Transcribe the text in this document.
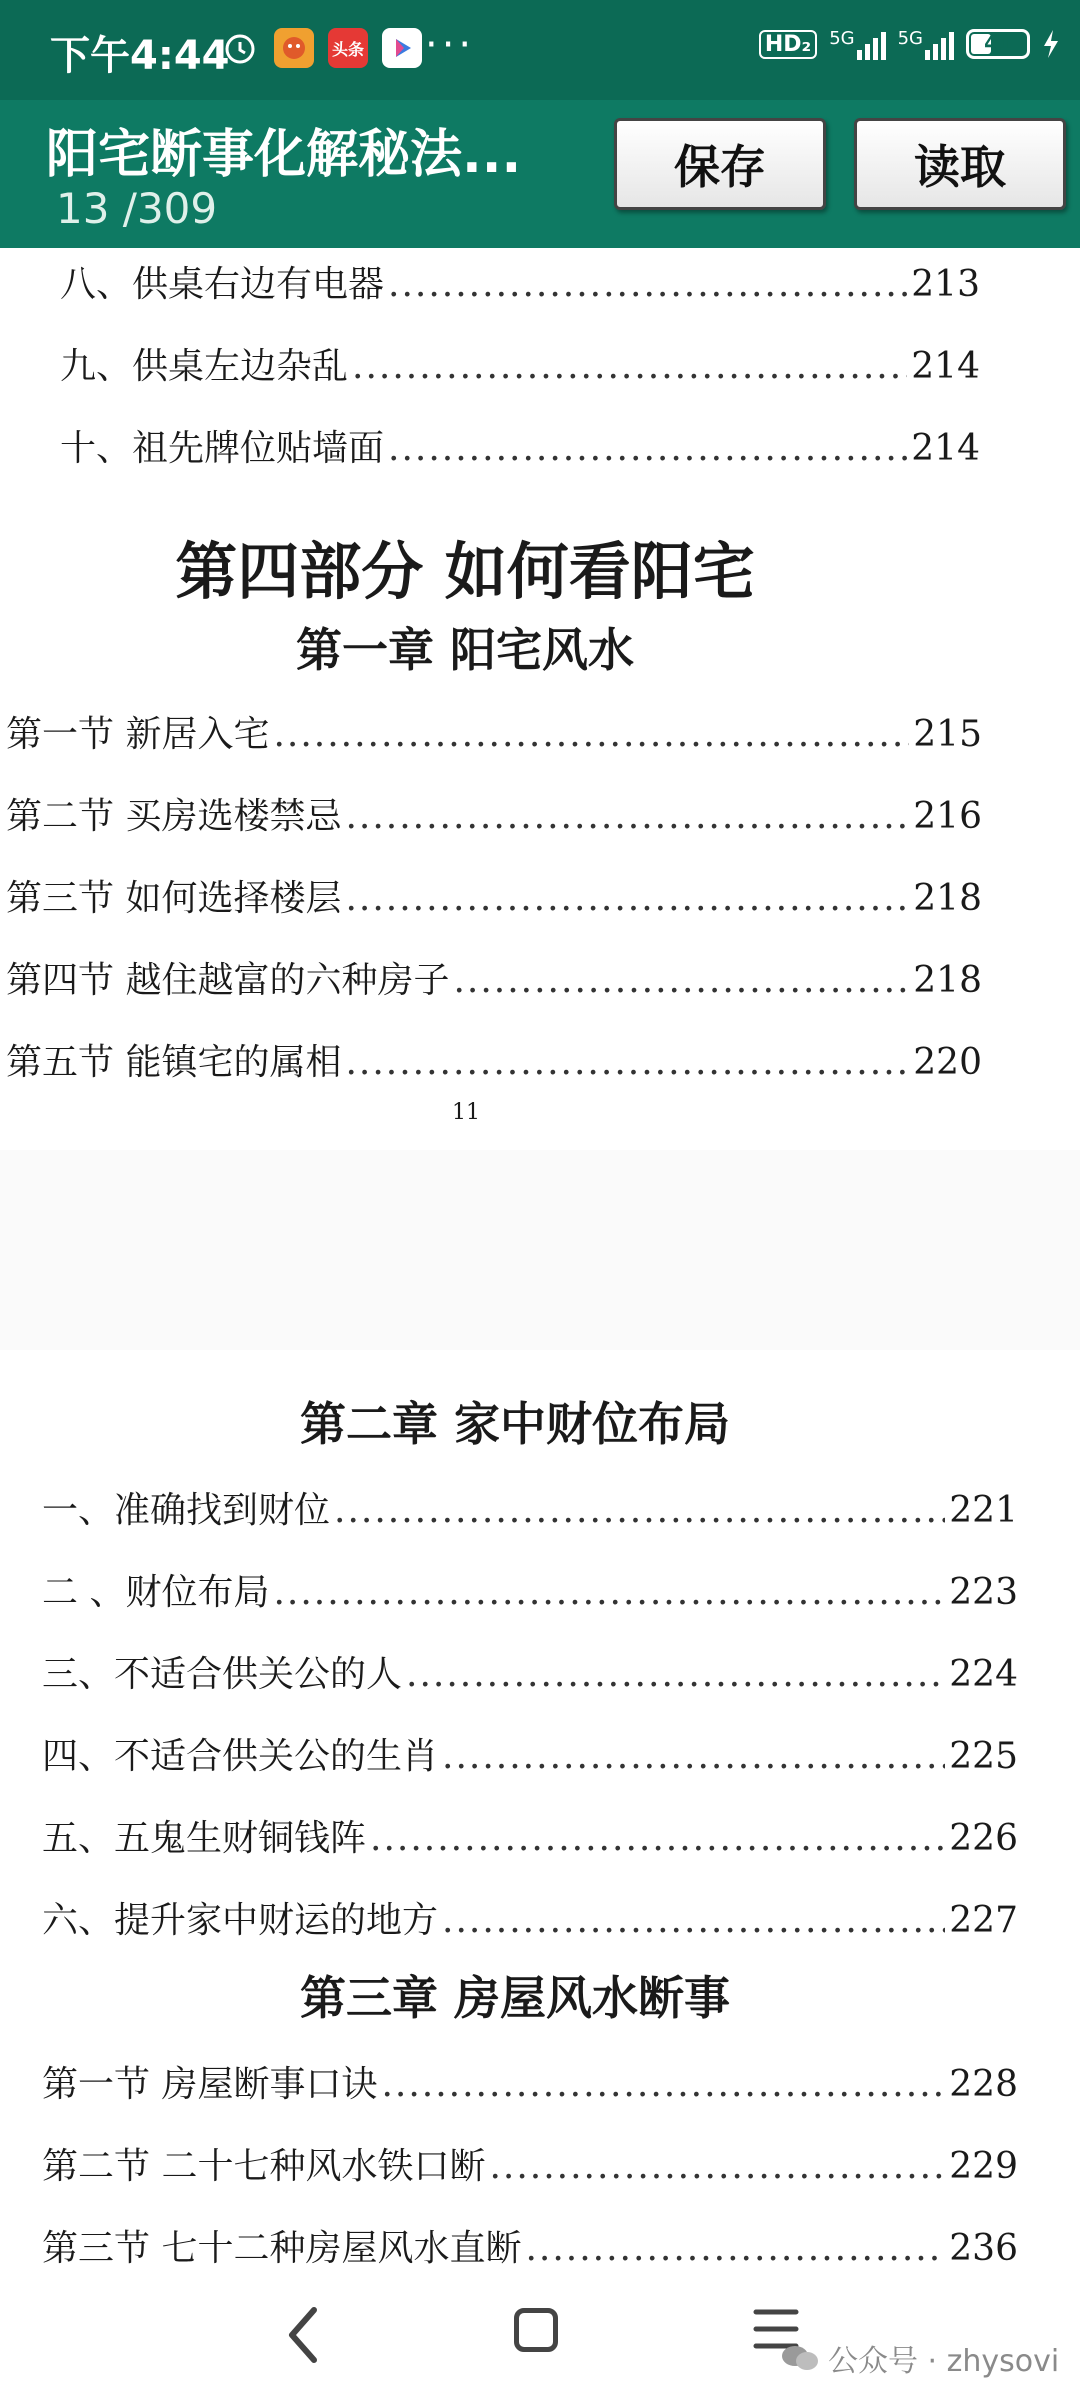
下午4:44	头条 ···	HD₂	5G 5G	41
阳宅断事化解秘法...
13 /309
保存	读取
八、供桌右边有电器 .....	213
九、供桌左边杂乱 .....	214
十、祖先牌位贴墙面 .....	214
第四部分 如何看阳宅
第一章 阳宅风水
第一节 新居入宅 .....	215
第二节 买房选楼禁忌 .....	216
第三节 如何选择楼层 .....	218
第四节 越住越富的六种房子 .....	218
第五节 能镇宅的属相 .....	220
11
第二章 家中财位布局
一、准确找到财位 .....	221
二 、财位布局 .....	223
三、不适合供关公的人 .....	224
四、不适合供关公的生肖 .....	225
五、五鬼生财铜钱阵 .....	226
六、提升家中财运的地方 .....	227
第三章 房屋风水断事
第一节 房屋断事口诀 .....	228
第二节 二十七种风水铁口断 .....	229
第三节 七十二种房屋风水直断 .....	236
公众号 · zhysovi
